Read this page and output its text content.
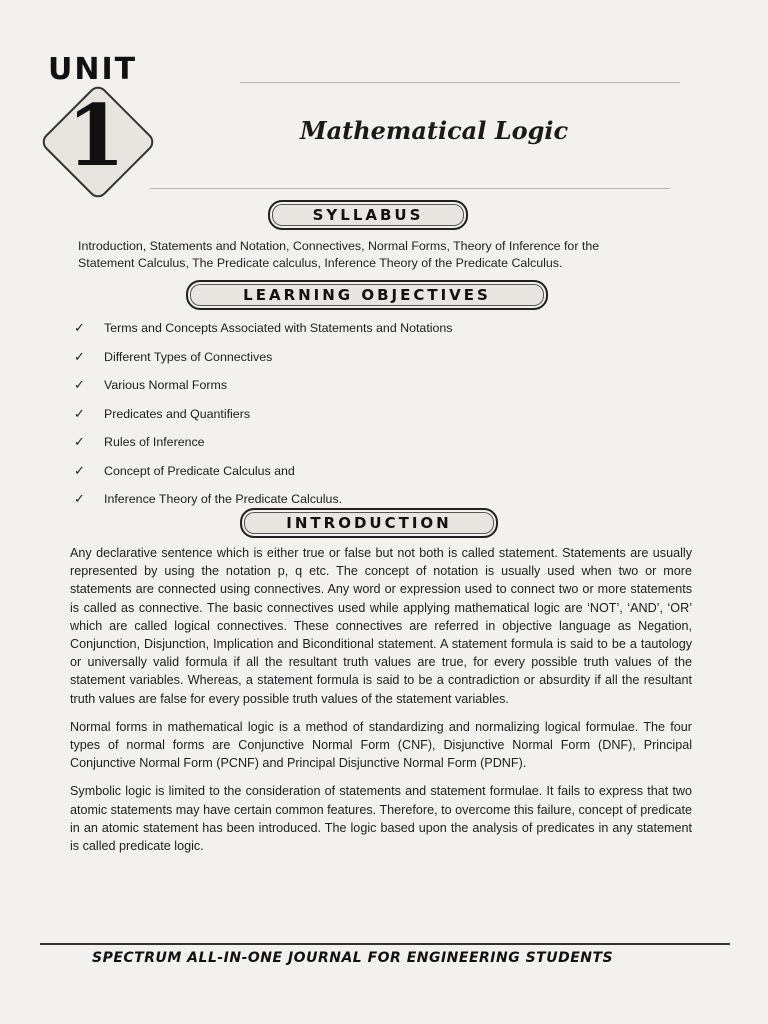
UNIT
1	Mathematical Logic
SYLLABUS
Introduction, Statements and Notation, Connectives, Normal Forms, Theory of Inference for the Statement Calculus, The Predicate calculus, Inference Theory of the Predicate Calculus.
LEARNING OBJECTIVES
✓	Terms and Concepts Associated with Statements and Notations
✓	Different Types of Connectives
✓	Various Normal Forms
✓	Predicates and Quantifiers
✓	Rules of Inference
✓	Concept of Predicate Calculus and
✓	Inference Theory of the Predicate Calculus.
INTRODUCTION

Any declarative sentence which is either true or false but not both is called statement. Statements are usually represented by using the notation p, q etc. The concept of notation is usually used when two or more statements are connected using connectives. Any word or expression used to connect two or more statements is called as connective. The basic connectives used while applying mathematical logic are ‘NOT’, ‘AND’, ‘OR’ which are called logical connectives. These connectives are referred in objective language as Negation, Conjunction, Disjunction, Implication and Biconditional statement. A statement formula is said to be a tautology or universally valid formula if all the resultant truth values are true, for every possible truth values of the statement variables. Whereas, a statement formula is said to be a contradiction or absurdity if all the resultant truth values are false for every possible truth values of the statement variables.

Normal forms in mathematical logic is a method of standardizing and normalizing logical formulae. The four types of normal forms are Conjunctive Normal Form (CNF), Disjunctive Normal Form (DNF), Principal Conjunctive Normal Form (PCNF) and Principal Disjunctive Normal Form (PDNF).

Symbolic logic is limited to the consideration of statements and statement formulae. It fails to express that two atomic statements may have certain common features. Therefore, to overcome this failure, concept of predicate in an atomic statement has been introduced. The logic based upon the analysis of predicates in any statement is called predicate logic.

SPECTRUM ALL-IN-ONE JOURNAL FOR ENGINEERING STUDENTS
